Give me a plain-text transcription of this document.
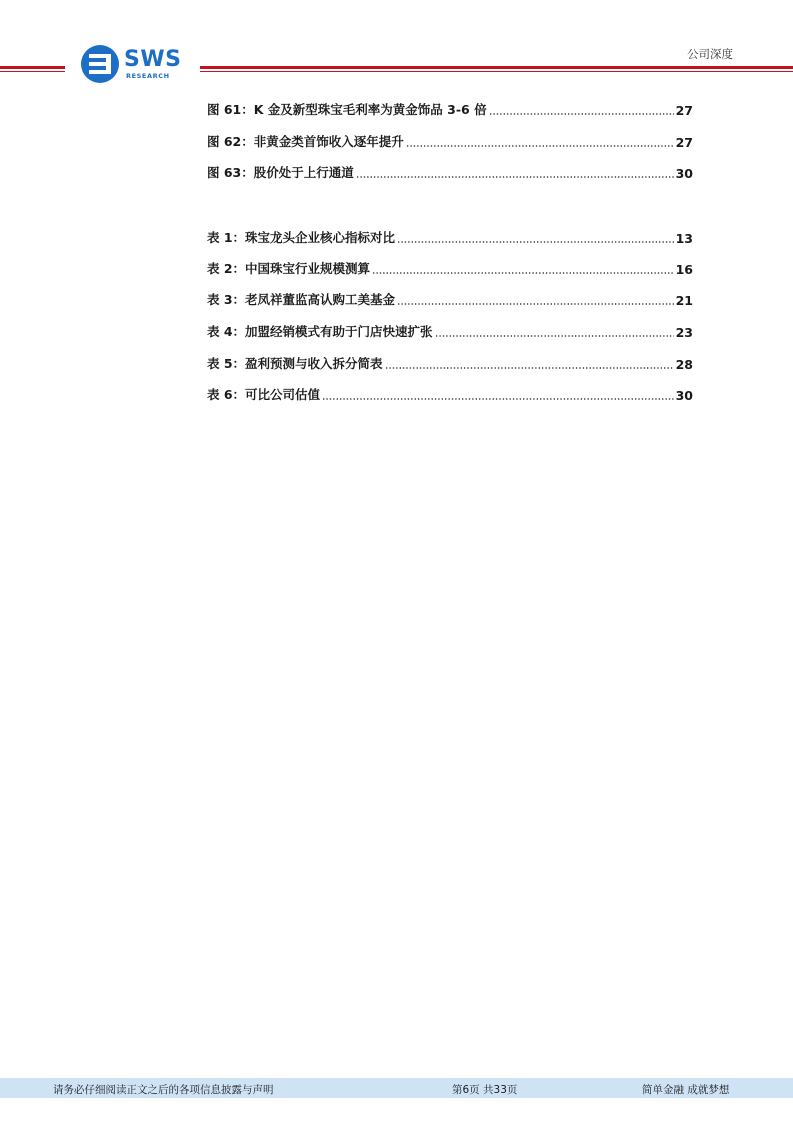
SWS
RESEARCH
公司深度
图 61：K 金及新型珠宝毛利率为黄金饰品 3-6 倍	27
图 62：非黄金类首饰收入逐年提升	27
图 63：股价处于上行通道	30
表 1：珠宝龙头企业核心指标对比	13
表 2：中国珠宝行业规模测算	16
表 3：老凤祥董监高认购工美基金	21
表 4：加盟经销模式有助于门店快速扩张	23
表 5：盈利预测与收入拆分简表	28
表 6：可比公司估值	30
请务必仔细阅读正文之后的各项信息披露与声明	第6页 共33页	简单金融 成就梦想
